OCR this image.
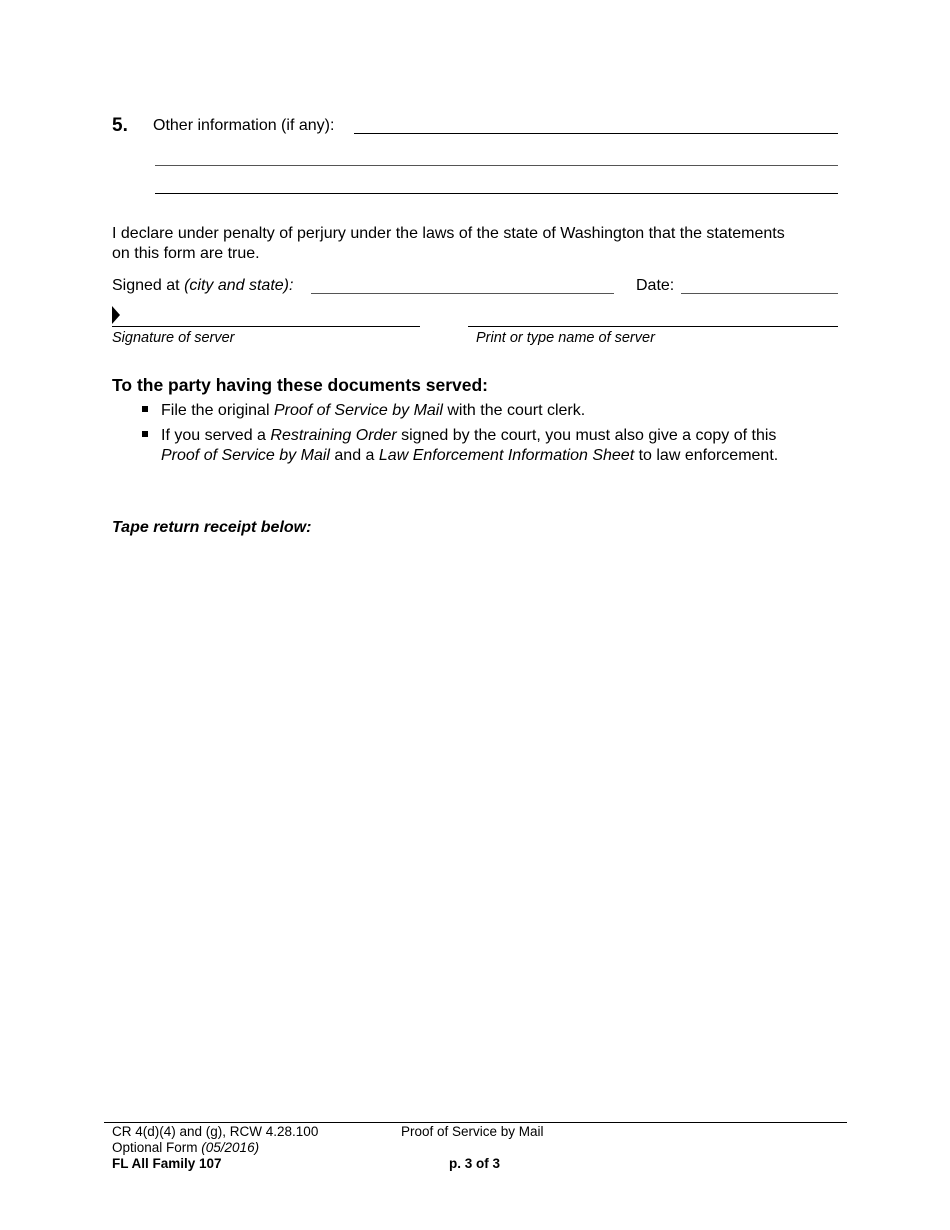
5. Other information (if any):
I declare under penalty of perjury under the laws of the state of Washington that the statements
on this form are true.
Signed at (city and state):	Date:
Signature of server	Print or type name of server
To the party having these documents served:
File the original Proof of Service by Mail with the court clerk.
If you served a Restraining Order signed by the court, you must also give a copy of this
Proof of Service by Mail and a Law Enforcement Information Sheet to law enforcement.
Tape return receipt below:
CR 4(d)(4) and (g), RCW 4.28.100
Optional Form (05/2016)
FL All Family 107
Proof of Service by Mail
p. 3 of 3
